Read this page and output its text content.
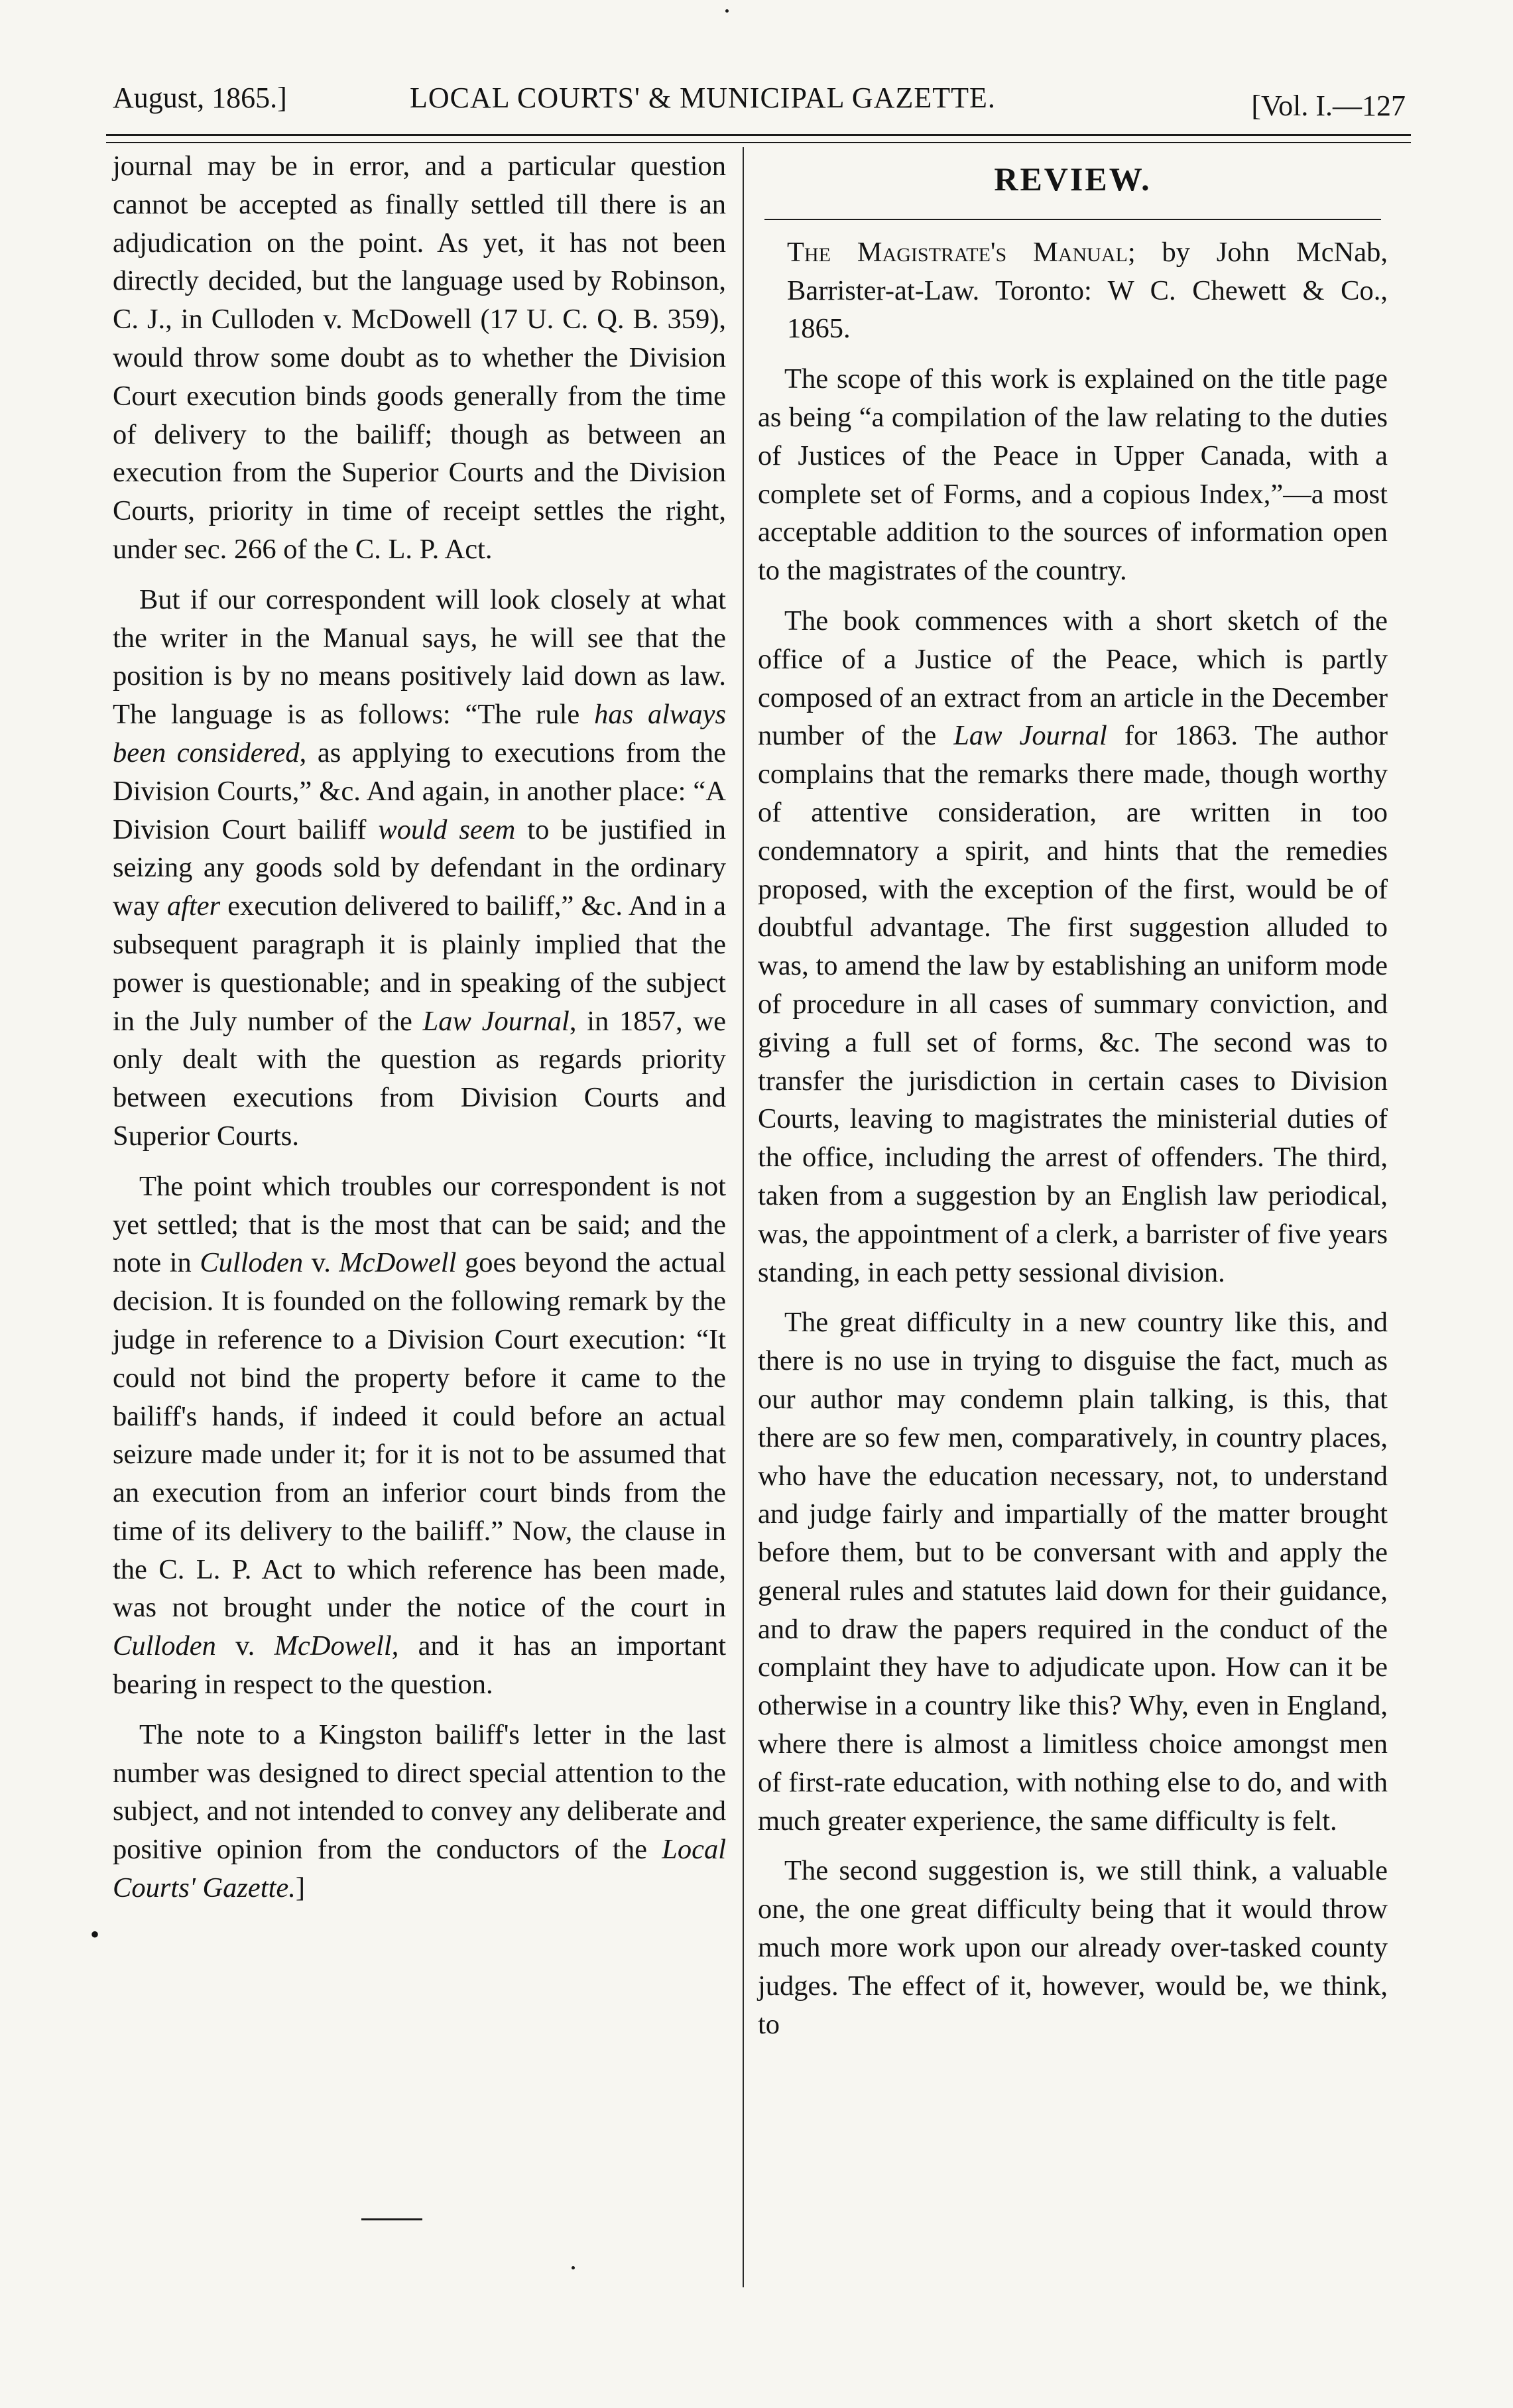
August, 1865.]	LOCAL COURTS' & MUNICIPAL GAZETTE.	[Vol. I.—127

journal may be in error, and a particular question cannot be accepted as finally settled till there is an adjudication on the point. As yet, it has not been directly decided, but the language used by Robinson, C. J., in Culloden v. McDowell (17 U. C. Q. B. 359), would throw some doubt as to whether the Division Court execution binds goods generally from the time of delivery to the bailiff; though as between an execution from the Superior Courts and the Division Courts, priority in time of receipt settles the right, under sec. 266 of the C. L. P. Act.

But if our correspondent will look closely at what the writer in the Manual says, he will see that the position is by no means positively laid down as law. The language is as follows: “The rule has always been considered, as applying to executions from the Division Courts,” &c. And again, in another place: “A Division Court bailiff would seem to be justified in seizing any goods sold by defendant in the ordinary way after execution delivered to bailiff,” &c. And in a subsequent paragraph it is plainly implied that the power is questionable; and in speaking of the subject in the July number of the Law Journal, in 1857, we only dealt with the question as regards priority between executions from Division Courts and Superior Courts.

The point which troubles our correspondent is not yet settled; that is the most that can be said; and the note in Culloden v. McDowell goes beyond the actual decision. It is founded on the following remark by the judge in reference to a Division Court execution: “It could not bind the property before it came to the bailiff's hands, if indeed it could before an actual seizure made under it; for it is not to be assumed that an execution from an inferior court binds from the time of its delivery to the bailiff.” Now, the clause in the C. L. P. Act to which reference has been made, was not brought under the notice of the court in Culloden v. McDowell, and it has an important bearing in respect to the question.

The note to a Kingston bailiff's letter in the last number was designed to direct special attention to the subject, and not intended to convey any deliberate and positive opinion from the conductors of the Local Courts' Gazette.]

•
REVIEW.

The Magistrate's Manual; by John McNab, Barrister-at-Law. Toronto: W C. Chewett & Co., 1865.

The scope of this work is explained on the title page as being “a compilation of the law relating to the duties of Justices of the Peace in Upper Canada, with a complete set of Forms, and a copious Index,”—a most acceptable addition to the sources of information open to the magistrates of the country.

The book commences with a short sketch of the office of a Justice of the Peace, which is partly composed of an extract from an article in the December number of the Law Journal for 1863. The author complains that the remarks there made, though worthy of attentive consideration, are written in too condemnatory a spirit, and hints that the remedies proposed, with the exception of the first, would be of doubtful advantage. The first suggestion alluded to was, to amend the law by establishing an uniform mode of procedure in all cases of summary conviction, and giving a full set of forms, &c. The second was to transfer the jurisdiction in certain cases to Division Courts, leaving to magistrates the ministerial duties of the office, including the arrest of offenders. The third, taken from a suggestion by an English law periodical, was, the appointment of a clerk, a barrister of five years standing, in each petty sessional division.

The great difficulty in a new country like this, and there is no use in trying to disguise the fact, much as our author may condemn plain talking, is this, that there are so few men, comparatively, in country places, who have the education necessary, not, to understand and judge fairly and impartially of the matter brought before them, but to be conversant with and apply the general rules and statutes laid down for their guidance, and to draw the papers required in the conduct of the complaint they have to adjudicate upon. How can it be otherwise in a country like this? Why, even in England, where there is almost a limitless choice amongst men of first-rate education, with nothing else to do, and with much greater experience, the same difficulty is felt.

The second suggestion is, we still think, a valuable one, the one great difficulty being that it would throw much more work upon our already over-tasked county judges. The effect of it, however, would be, we think, to
